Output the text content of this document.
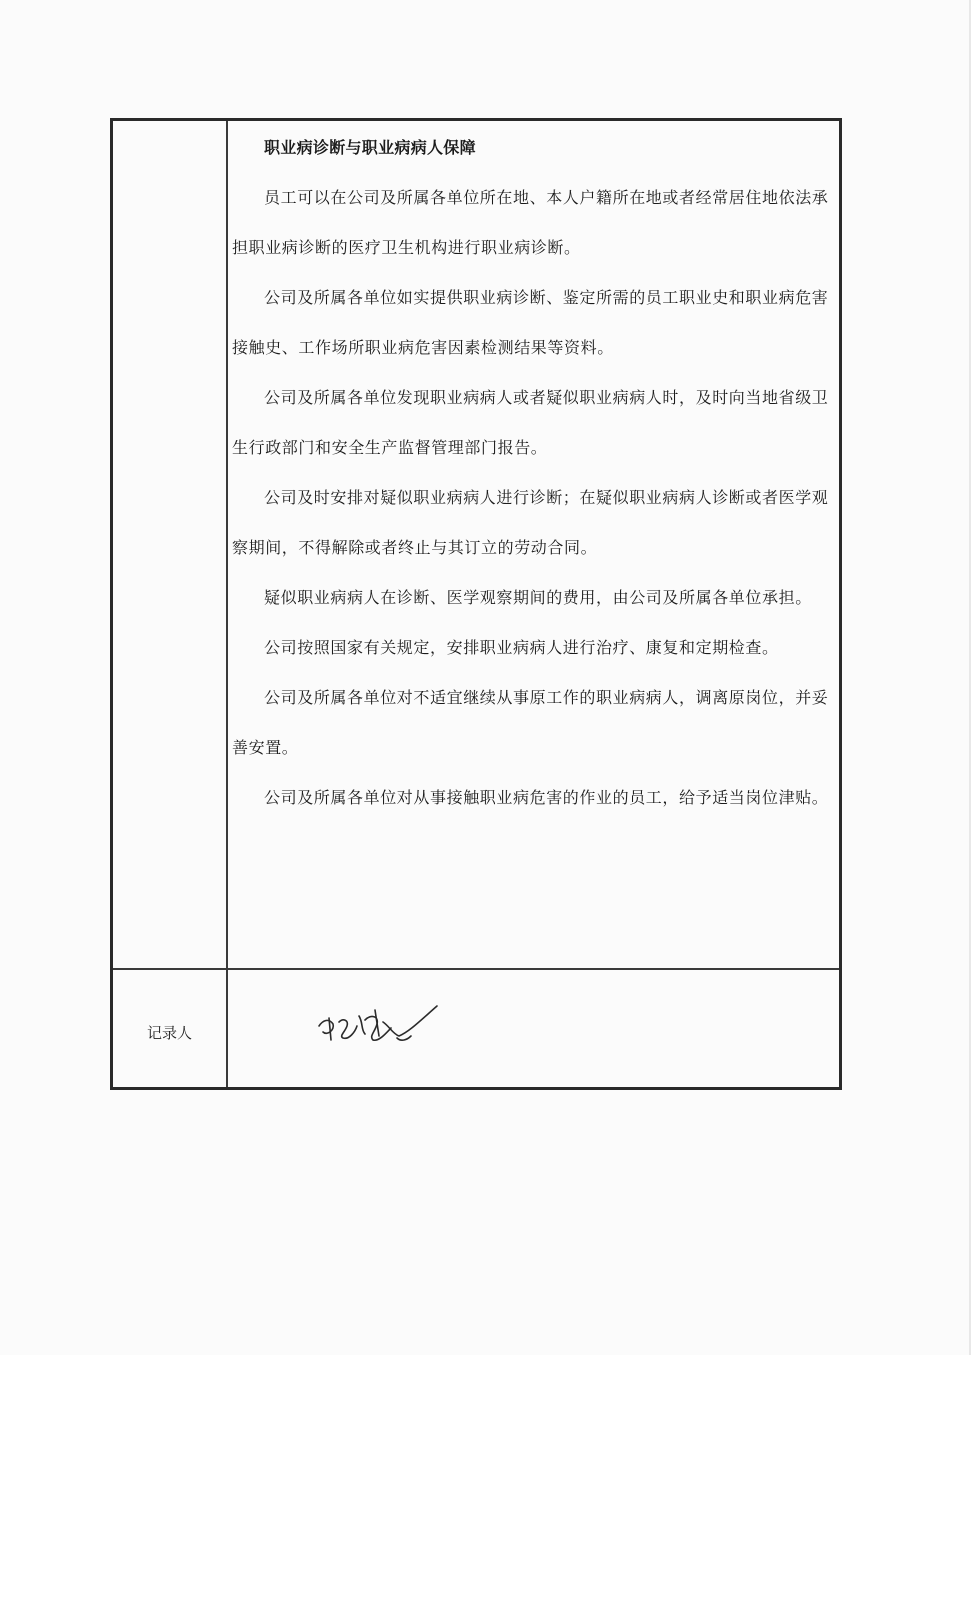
职业病诊断与职业病病人保障

员工可以在公司及所属各单位所在地、本人户籍所在地或者经常居住地依法承担职业病诊断的医疗卫生机构进行职业病诊断。

公司及所属各单位如实提供职业病诊断、鉴定所需的员工职业史和职业病危害接触史、工作场所职业病危害因素检测结果等资料。

公司及所属各单位发现职业病病人或者疑似职业病病人时，及时向当地省级卫生行政部门和安全生产监督管理部门报告。

公司及时安排对疑似职业病病人进行诊断；在疑似职业病病人诊断或者医学观察期间，不得解除或者终止与其订立的劳动合同。

疑似职业病病人在诊断、医学观察期间的费用，由公司及所属各单位承担。

公司按照国家有关规定，安排职业病病人进行治疗、康复和定期检查。

公司及所属各单位对不适宜继续从事原工作的职业病病人，调离原岗位，并妥善安置。

公司及所属各单位对从事接触职业病危害的作业的员工，给予适当岗位津贴。

记录人
